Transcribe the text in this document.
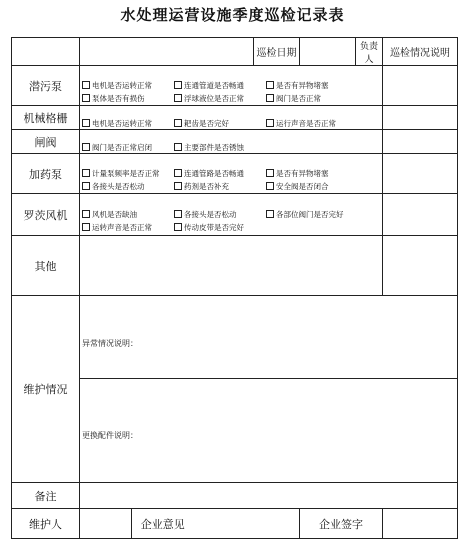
水处理运营设施季度巡检记录表
				巡检日期		负责人	巡检情况说明
潜污泵	电机是否运转正常 连通管道是否畅通 是否有异物堵塞
泵体是否有损伤 浮球液位是否正常 阀门是否正常						

机械格栅	电机是否运转正常 耙齿是否完好 运行声音是否正常						

闸阀	阀门是否正常启闭 主要部件是否锈蚀						

加药泵	计量泵频率是否正常 连通管路是否畅通 是否有异物堵塞
各接头是否松动 药剂是否补充 安全阀是否闭合						

罗茨风机	风机是否缺油 各接头是否松动 各部位阀门是否完好
运转声音是否正常 传动皮带是否完好						

其他							
维护情况	异常情况说明：						

	更换配件说明：						

备注							
维护人		企业意见			企业签字		
